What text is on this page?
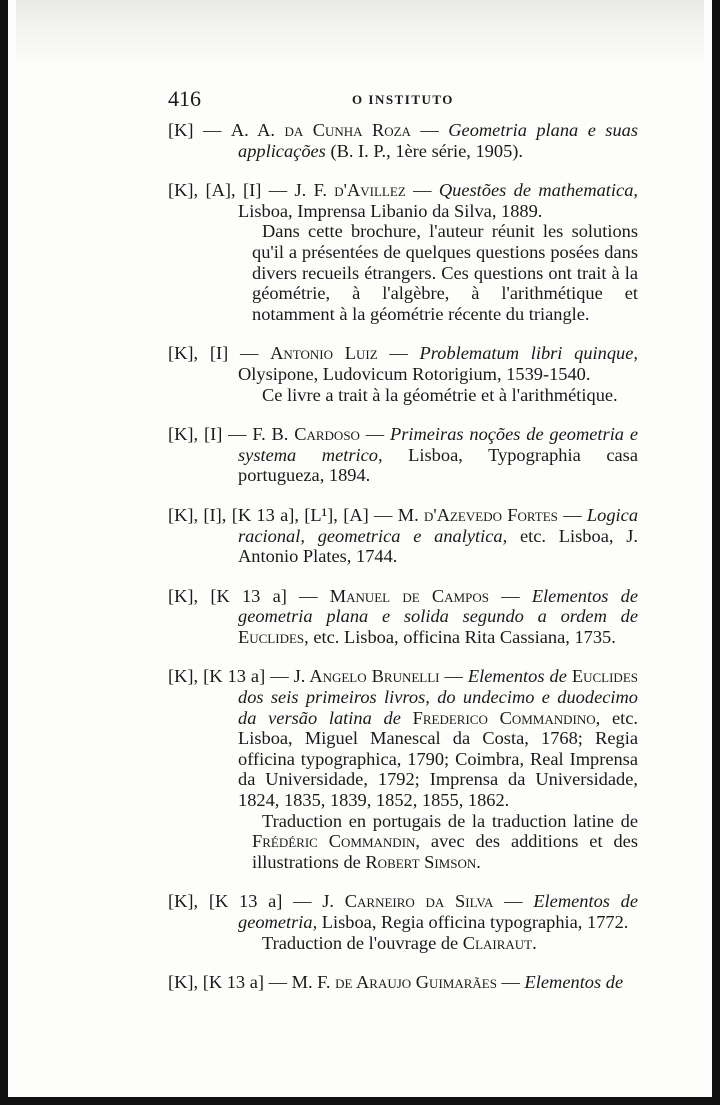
416	O INSTITUTO

[K] — A. A. da Cunha Roza — Geometria plana e suas applicações (B. I. P., 1ère série, 1905).

[K], [A], [I] — J. F. d'Avillez — Questões de mathematica, Lisboa, Imprensa Libanio da Silva, 1889.

Dans cette brochure, l'auteur réunit les solutions qu'il a présentées de quelques questions posées dans divers recueils étrangers. Ces questions ont trait à la géométrie, à l'algèbre, à l'arithmétique et notamment à la géométrie récente du triangle.

[K], [I] — Antonio Luiz — Problematum libri quinque, Olysipone, Ludovicum Rotorigium, 1539-1540.

Ce livre a trait à la géométrie et à l'arithmétique.

[K], [I] — F. B. Cardoso — Primeiras noções de geometria e systema metrico, Lisboa, Typographia casa portugueza, 1894.

[K], [I], [K 13 a], [L¹], [A] — M. d'Azevedo Fortes — Logica racional, geometrica e analytica, etc. Lisboa, J. Antonio Plates, 1744.

[K], [K 13 a] — Manuel de Campos — Elementos de geometria plana e solida segundo a ordem de Euclides, etc. Lisboa, officina Rita Cassiana, 1735.

[K], [K 13 a] — J. Angelo Brunelli — Elementos de Euclides dos seis primeiros livros, do undecimo e duodecimo da versão latina de Frederico Commandino, etc. Lisboa, Miguel Manescal da Costa, 1768; Regia officina typographica, 1790; Coimbra, Real Imprensa da Universidade, 1792; Imprensa da Universidade, 1824, 1835, 1839, 1852, 1855, 1862.

Traduction en portugais de la traduction latine de Frédéric Commandin, avec des additions et des illustrations de Robert Simson.

[K], [K 13 a] — J. Carneiro da Silva — Elementos de geometria, Lisboa, Regia officina typographia, 1772.

Traduction de l'ouvrage de Clairaut.

[K], [K 13 a] — M. F. de Araujo Guimarães — Elementos de
